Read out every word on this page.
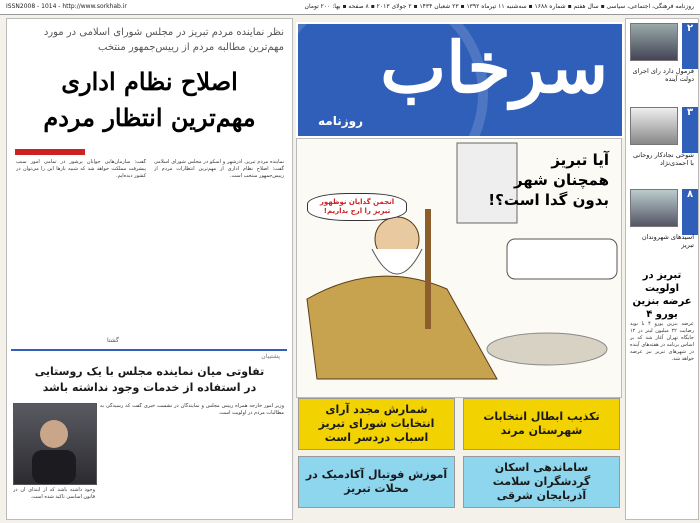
روزنامه فرهنگی، اجتماعی، سیاسی ▪ سال هفتم ▪ شماره ۱۶۸۸ ▪ سه‌شنبه ۱۱ تیرماه ۱۳۹۲ ▪ ۲۳ شعبان ۱۴۳۴ ▪ ۲ جولای ۲۰۱۳ ▪ ۸ صفحه ▪ بها: ۲۰۰ تومان
ISSN2008 - 1014 - http://www.sorkhab.ir
نظر نماینده مردم تبریز در مجلس شورای اسلامی در مورد مهم‌ترین مطالبه مردم از رییس‌جمهور منتخب
اصلاح نظام اداری
مهم‌ترین انتظار مردم
نماینده مردم تبریز، آذرشهر و اسکو در مجلس شورای اسلامی گفت: اصلاح نظام اداری از مهم‌ترین انتظارات مردم از رییس‌جمهور منتخب است.
گفت: سازمان‌هایی جوانان پرشور در تمامی امور سبب پیشرفت مملکت خواهد شد که شبیه بارها این را می‌توان در کشور دیده‌ایم.
گشتا
پشتیبان
تفاوتی میان نماینده مجلس با یک روستایی
در استفاده از خدمات وجود نداشته باشد
وزیر امور خارجه همراه رییس مجلس و نمایندگان در نشست خبری گفت که رسیدگی به مطالبات مردم در اولویت است.
وجود داشته باشد که از ابتدای آن در قانون اساسی تاکید شده است.
سرخاب
روزنامه
انجمن گدایان نوظهور تبریز را ارج بداریم!
آیا تبریز
همچنان شهر
بدون گدا است؟!
تکذیب ابطال انتخابات شهرستان مرند
شمارش مجدد آرای انتخابات شورای تبریز اسباب دردسر است
ساماندهی اسکان گردشگران سلامت آذربایجان شرقی
آموزش فوتبال آکادمیک در محلات تبریز
۲
فرمول دارد رای اجرای دولت آینده
۳
شوخی نجادکار روحانی با احمدی‌نژاد
۸
اسیدهای شهروندان تبریز
تبریز در اولویت عرضه بنزین یورو ۴
عرضه بنزین یورو ۴ با نوید رضایت ۲۲ میلیون لیتر در ۱۲ جایگاه تهران آغاز شد که بر اساس برنامه در هفته‌های آینده در شهرهای تبریز نیز عرضه خواهد شد.
